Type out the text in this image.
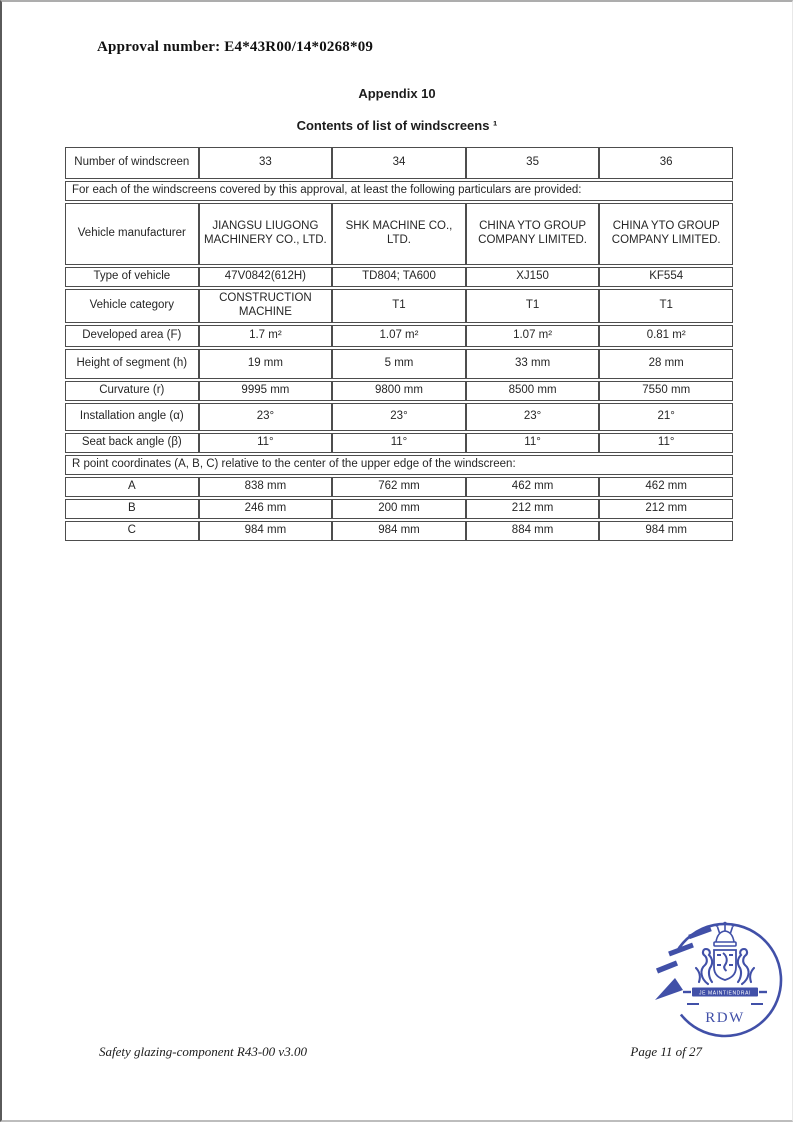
Approval number: E4*43R00/14*0268*09
Appendix 10
Contents of list of windscreens ¹
Number of windscreen	33	34	35	36
For each of the windscreens covered by this approval, at least the following particulars are provided:				
Vehicle manufacturer	JIANGSU LIUGONG MACHINERY CO., LTD.	SHK MACHINE CO., LTD.	CHINA YTO GROUP COMPANY LIMITED.	CHINA YTO GROUP COMPANY LIMITED.
Type of vehicle	47V0842(612H)	TD804; TA600	XJ150	KF554
Vehicle category	CONSTRUCTION MACHINE	T1	T1	T1
Developed area (F)	1.7 m²	1.07 m²	1.07 m²	0.81 m²
Height of segment (h)	19 mm	5 mm	33 mm	28 mm
Curvature (r)	9995 mm	9800 mm	8500 mm	7550 mm
Installation angle (α)	23°	23°	23°	21°
Seat back angle (β)	11°	11°	11°	11°
R point coordinates (A, B, C) relative to the center of the upper edge of the windscreen:				
A	838 mm	762 mm	462 mm	462 mm
B	246 mm	200 mm	212 mm	212 mm
C	984 mm	984 mm	884 mm	984 mm
JE MAINTIENDRAI
RDW
Safety glazing-component R43-00 v3.00	Page 11 of 27
